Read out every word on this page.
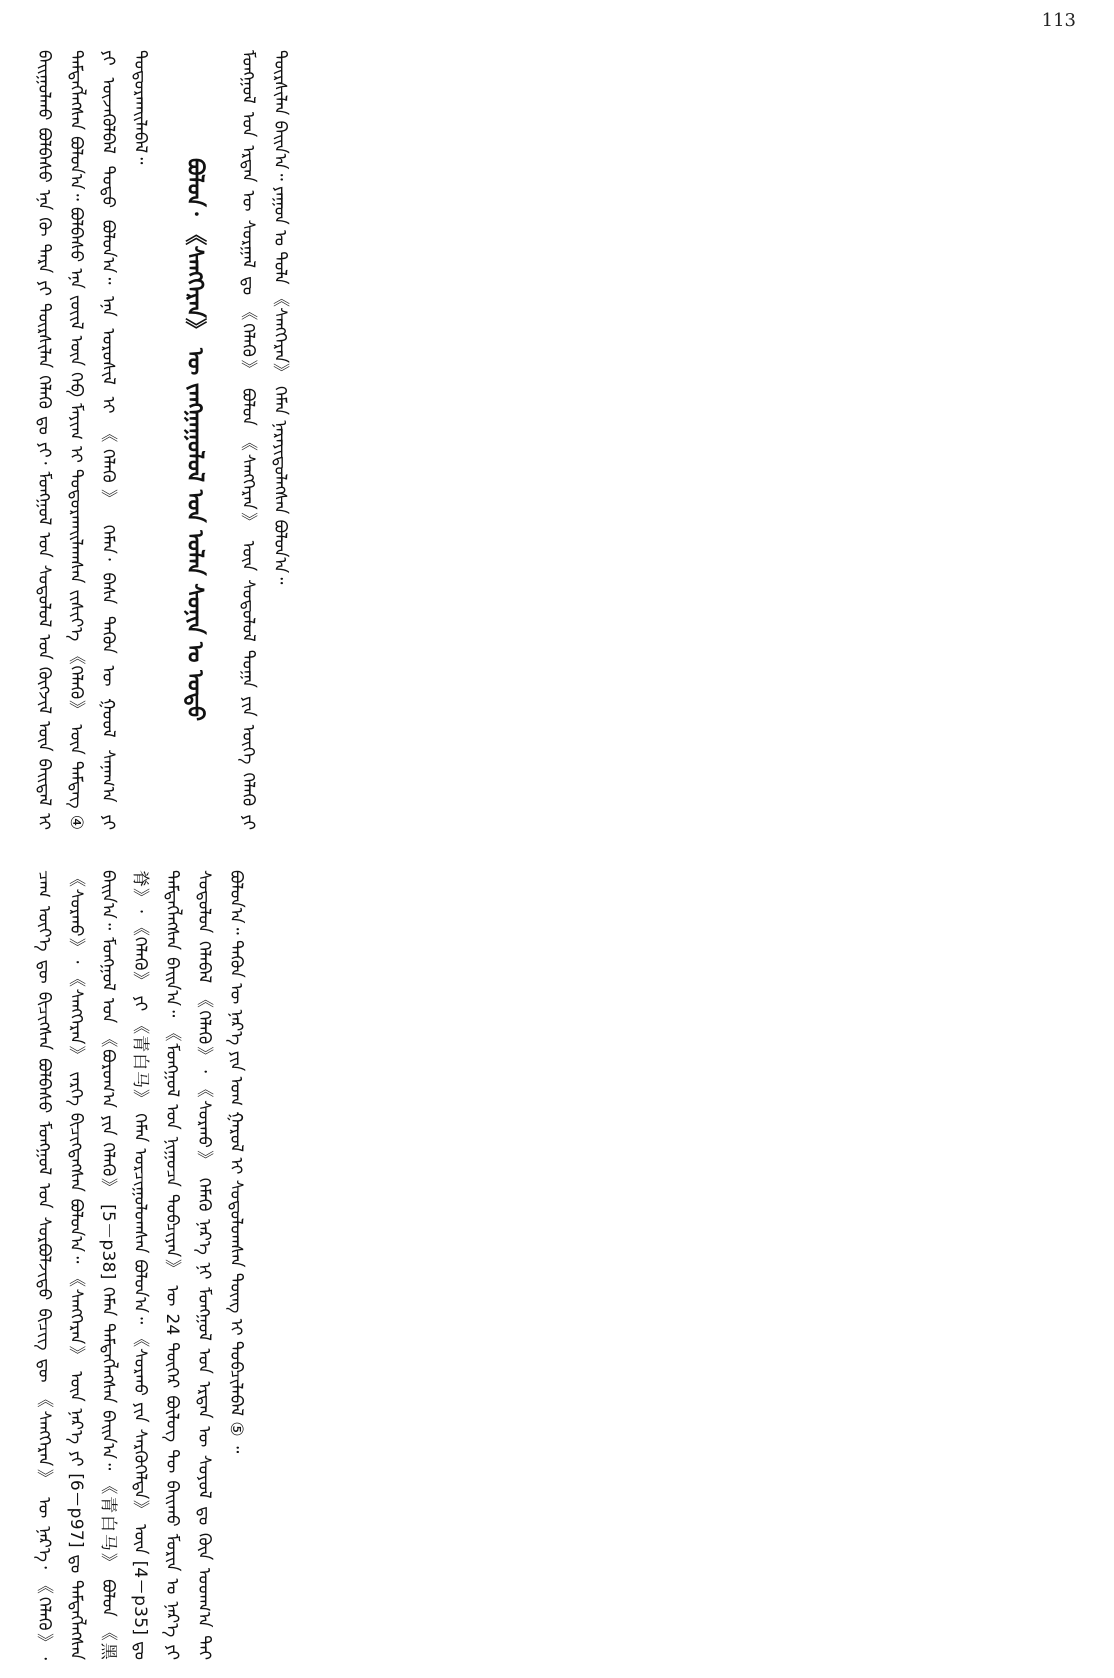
113
ᠪᠠᠢᠭᠤᠯᠬᠤ ᠪᠣᠯᠪᠠᠰᠤ ᠡᠨᠡ ᠬᠦ ᠲᠡᠷᠡ ᠶᠢ ᠲᠦᠷᠰᠢᠯᠡᠨ ᠬᠡᠯᠡᠬᠦ ᠳᠤ ᠶᠢ᠂ ᠮᠣᠩᠭᠣᠯ ᠤᠨ ᠰᠤᠳᠤᠯᠤᠯ ᠤᠨ ᠬᠦᠭᠵᠢᠯ ᠦᠨ ᠪᠠᠢᠳᠠᠯ ᠢ ᠲᠡᠮᠳᠡᠭᠯᠡᠭᠰᠡᠨ ᠪᠣᠯᠤᠨ᠎ᠠ᠃ ᠪᠣᠯᠪᠠᠰᠤ ᠡᠨᠡ ᠵᠦᠢᠯ ᠦᠨ ᠬᠡᠪ ᠮᠠᠶᠢᠭ ᠢ ᠲᠣᠳᠤᠷᠬᠠᠢᠯᠠᠭᠰᠠᠨ ᠵᠢᠱᠢᠶ᠎ᠡ 《ᠬᠡᠯᠡᠬᠦ》 ᠦᠨ ᠲᠡᠮᠳᠡᠭ ④ ᠶᠢ ᠦᠵᠡᠭᠦᠯᠪᠡᠯ ᠲᠣᠳᠣ ᠪᠣᠯᠤᠨ᠎ᠠ᠃ ᠡᠨᠡ ᠤᠷᠤᠰᠢᠯ ᠢ 《ᠬᠡᠯᠡᠬᠦ》 ᠬᠡᠮᠡᠨ᠂ ᠪᠠᠰᠠ ᠲᠡᠭᠦᠨ ᠦ ᠭᠣᠣᠯ ᠰᠠᠨᠠᠭ᠎ᠠ ᠶᠢ ᠲᠣᠳᠣᠷᠬᠠᠢᠯᠠᠪᠠᠯ᠃
ᠪᠣᠯᠤᠨ᠂ 《ᠰᠡᠩᠭᠡᠷᠡᠨ》 ᠦ ᠵᠠᠩᠭ᠋ᠠᠭᠤᠯᠤᠯ ᠤᠨ ᠣᠯᠠᠨ ᠰᠣᠨᠢᠨ ᠤ ᠣᠳᠣ ᠮᠣᠩᠭᠣᠯ ᠤᠨ ᠡᠷᠲᠡᠨ ᠦ ᠰᠤᠷᠭᠠᠯ ᠳᠤ 《ᠬᠡᠯᠡᠬᠦ》 ᠪᠣᠯᠣᠨ 《ᠰᠡᠩᠭᠡᠷᠡᠨ》 ᠦᠨ ᠰᠤᠳᠤᠯᠤᠯ ᠲᠣᠭᠠ ᠶᠢᠨ ᠦᠭᠡ ᠬᠡᠯᠡᠬᠦ ᠶᠢ ᠲᠦᠷᠰᠢᠯᠡᠨ ᠪᠠᠢᠨ᠎ᠠ᠃ ᠶᠠᠭᠤᠨ ᠤ ᠲᠤᠯᠠ 《ᠰᠡᠩᠭᠡᠷᠡᠨ》 ᠬᠡᠮᠡᠨ ᠨᠡᠷᠡᠶᠢᠳᠦᠯᠡᠭᠰᠡᠨ ᠪᠣᠯᠣᠨ᠎ᠠ᠃
ᠴᠠᠭ ᠦᠶ᠎ᠡ ᠳᠦ ᠪᠢᠴᠢᠭᠰᠡᠨ ᠪᠣᠯᠪᠠᠰᠤ ᠮᠣᠩᠭᠣᠯ ᠤᠨ ᠰᠤᠷᠪᠤᠯᠵᠢᠲᠤ ᠪᠢᠴᠢᠭ᠌ ᠳᠦ 《ᠰᠡᠩᠭᠡᠷᠡᠨ》 ᠦ ᠨᠡᠷ᠎ᠡ᠂ 《ᠬᠡᠯᠡᠬᠦ》᠂ 《ᠰᠤᠷᠬᠤ》᠂ 《ᠰᠡᠩᠭᠡᠷᠡᠨ》 ᠵᠡᠷᠭᠡ ᠪᠢᠴᠢᠭᠳᠡᠭᠰᠡᠨ ᠪᠣᠯᠣᠨ᠎ᠠ᠃ 《ᠰᠡᠩᠭᠡᠷᠡᠨ》 ᠦᠨ ᠨᠡᠷ᠎ᠡ ᠶᠢ [6－p97] ᠳᠤ ᠲᠡᠮᠳᠡᠭᠯᠡᠭᠰᠡᠨ ᠪᠠᠢᠨ᠎ᠠ᠃ ᠮᠣᠩᠭᠣᠯ ᠤᠨ 《ᠪᠣᠷᠣᠭ᠎ᠠ ᠶᠢᠨ ᠬᠡᠯᠡᠬᠦ》 [5－p38] ᠬᠡᠮᠡᠨ ᠲᠡᠮᠳᠡᠭᠯᠡᠭᠰᠡᠨ ᠪᠠᠢᠨ᠎ᠠ᠃ 《青白马》 ᠪᠣᠯᠣᠨ 《黑脊》᠂ 《ᠬᠡᠯᠡᠬᠦ》 ᠶᠢ 《青白马》 ᠬᠡᠮᠡᠨ ᠣᠷᠴᠢᠭᠤᠯᠤᠭᠰᠠᠨ ᠪᠣᠯᠣᠨ᠎ᠠ᠃ 《ᠰᠤᠷᠬᠤ ᠶᠢᠨ ᠰᠡᠷᠭᠦᠭᠡᠯᠲᠡ》 ᠦᠨ [4－p35] ᠳᠤ ᠲᠡᠮᠳᠡᠭᠯᠡᠭᠰᠡᠨ ᠪᠠᠢᠨ᠎ᠠ᠃ 《ᠮᠣᠩᠭᠣᠯ ᠤᠨ ᠨᠢᠭᠤᠴᠠ ᠲᠣᠪᠴᠢᠶᠠᠨ》 ᠦ 24 ᠳᠦᠭᠡᠷ ᠪᠦᠯᠦᠭ ᠲᠦ ᠪᠠᠢᠬᠤ ᠮᠣᠷᠢᠨ ᠤ ᠨᠡᠷ᠎ᠡ ᠶᠢ ᠰᠤᠳᠤᠯᠤᠨ ᠬᠡᠯᠡᠪᠡᠯ 《ᠬᠡᠯᠡᠬᠦ》᠂ 《ᠰᠤᠷᠬᠤ》 ᠬᠡᠮᠡᠬᠦ ᠨᠡᠷ᠎ᠡ ᠨᠢ ᠮᠣᠩᠭᠣᠯ ᠤᠨ ᠡᠷᠲᠡᠨ ᠦ ᠰᠤᠶᠤᠯ ᠳᠤ ᠭᠦᠨ ᠤᠳᠬ᠎ᠠ ᠲᠠᠢ ᠪᠣᠯᠣᠨ᠎ᠠ᠃ ᠲᠡᠭᠦᠨ ᠦ ᠨᠡᠷ᠎ᠡ ᠶᠢᠨ ᠤᠭ ᠭᠠᠷᠤᠯ ᠢ ᠰᠤᠳᠤᠯᠤᠭᠰᠠᠨ ᠳᠦᠩ ᠢ ᠲᠣᠪᠴᠢᠯᠠᠪᠠᠯ ⑤ ᠃
